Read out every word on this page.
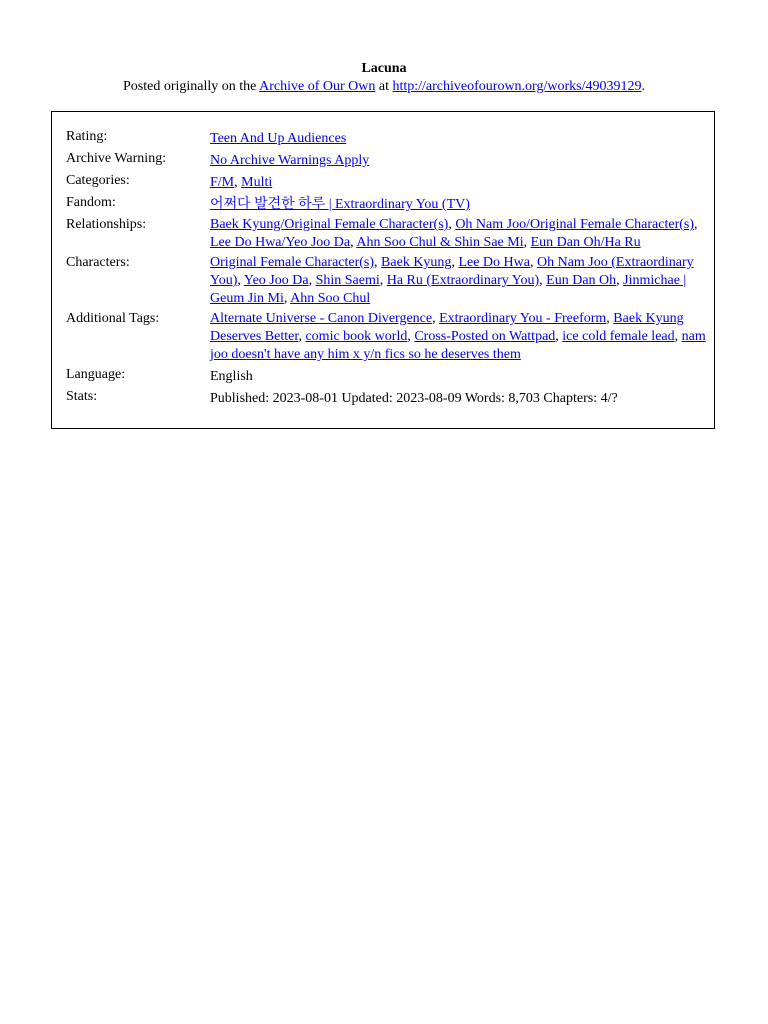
Lacuna
Posted originally on the Archive of Our Own at http://archiveofourown.org/works/49039129.
Rating:	Teen And Up Audiences
Archive Warning:	No Archive Warnings Apply
Categories:	F/M, Multi
Fandom:	어쩌다 발견한 하루 | Extraordinary You (TV)
Relationships:	Baek Kyung/Original Female Character(s), Oh Nam Joo/Original Female Character(s), Lee Do Hwa/Yeo Joo Da, Ahn Soo Chul & Shin Sae Mi, Eun Dan Oh/Ha Ru
Characters:	Original Female Character(s), Baek Kyung, Lee Do Hwa, Oh Nam Joo (Extraordinary You), Yeo Joo Da, Shin Saemi, Ha Ru (Extraordinary You), Eun Dan Oh, Jinmichae | Geum Jin Mi, Ahn Soo Chul
Additional Tags:	Alternate Universe - Canon Divergence, Extraordinary You - Freeform, Baek Kyung Deserves Better, comic book world, Cross-Posted on Wattpad, ice cold female lead, nam joo doesn't have any him x y/n fics so he deserves them
Language:	English
Stats:	Published: 2023-08-01 Updated: 2023-08-09 Words: 8,703 Chapters: 4/?
